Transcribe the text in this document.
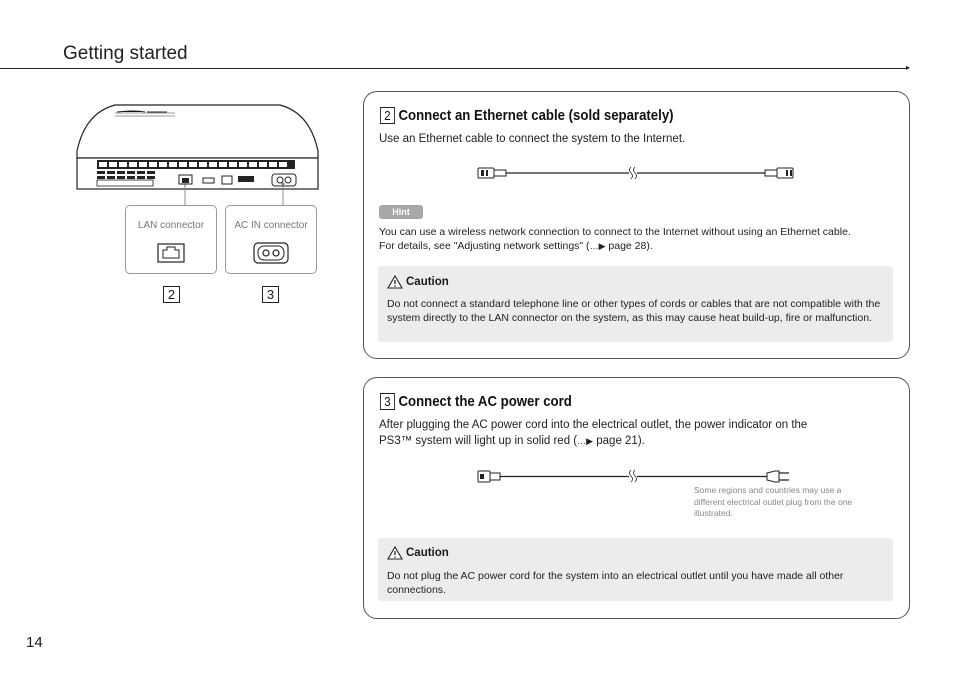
Getting started
▸
LAN connector	AC IN connector
2	3
2 Connect an Ethernet cable (sold separately)
Use an Ethernet cable to connect the system to the Internet.
Hint
You can use a wireless network connection to connect to the Internet without using an Ethernet cable.
For details, see "Adjusting network settings" (…▶ page 28).
Caution
Do not connect a standard telephone line or other types of cords or cables that are not compatible with the system directly to the LAN connector on the system, as this may cause heat build-up, fire or malfunction.
3 Connect the AC power cord
After plugging the AC power cord into the electrical outlet, the power indicator on the
PS3™ system will light up in solid red (…▶ page 21).
Some regions and countries may use a different electrical outlet plug from the one illustrated.
Caution
Do not plug the AC power cord for the system into an electrical outlet until you have made all other connections.
14
